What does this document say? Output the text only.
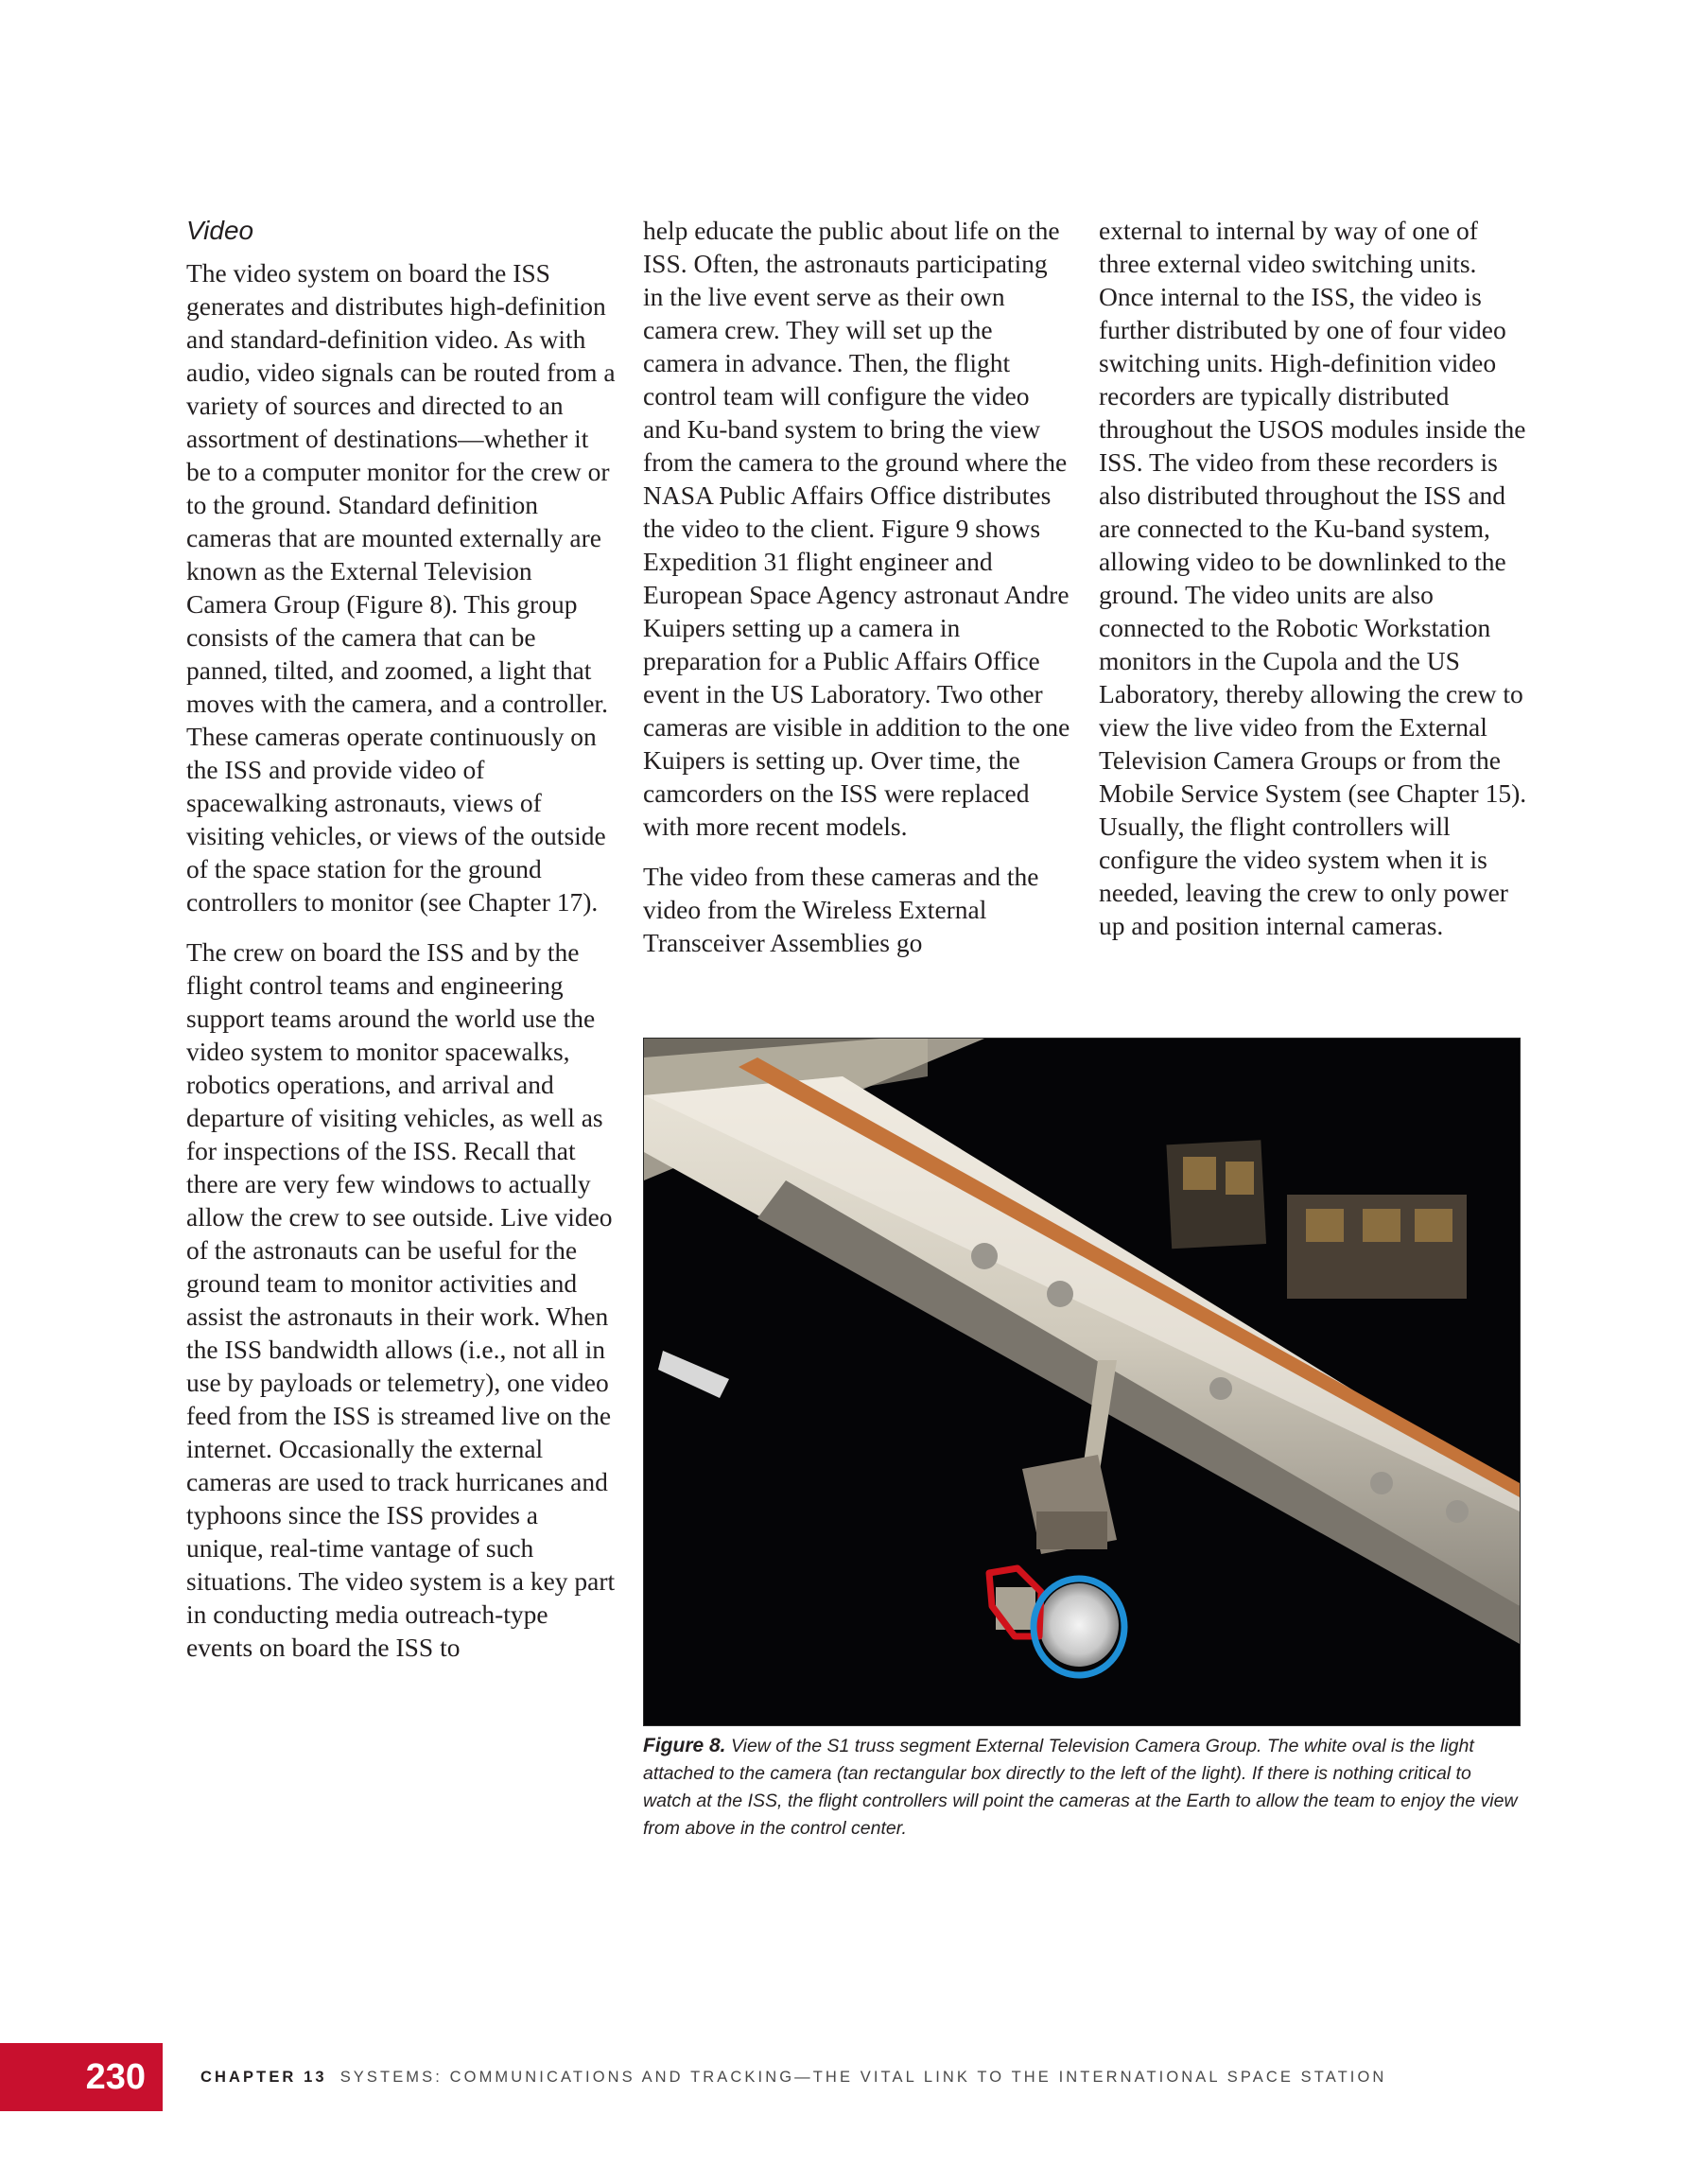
Video

The video system on board the ISS generates and distributes high-definition and standard-definition video. As with audio, video signals can be routed from a variety of sources and directed to an assortment of destinations—whether it be to a computer monitor for the crew or to the ground. Standard definition cameras that are mounted externally are known as the External Television Camera Group (Figure 8). This group consists of the camera that can be panned, tilted, and zoomed, a light that moves with the camera, and a controller. These cameras operate continuously on the ISS and provide video of spacewalking astronauts, views of visiting vehicles, or views of the outside of the space station for the ground controllers to monitor (see Chapter 17).

The crew on board the ISS and by the flight control teams and engineering support teams around the world use the video system to monitor spacewalks, robotics operations, and arrival and departure of visiting vehicles, as well as for inspections of the ISS. Recall that there are very few windows to actually allow the crew to see outside. Live video of the astronauts can be useful for the ground team to monitor activities and assist the astronauts in their work. When the ISS bandwidth allows (i.e., not all in use by payloads or telemetry), one video feed from the ISS is streamed live on the internet. Occasionally the external cameras are used to track hurricanes and typhoons since the ISS provides a unique, real-time vantage of such situations. The video system is a key part in conducting media outreach-type events on board the ISS to

help educate the public about life on the ISS. Often, the astronauts participating in the live event serve as their own camera crew. They will set up the camera in advance. Then, the flight control team will configure the video and Ku-band system to bring the view from the camera to the ground where the NASA Public Affairs Office distributes the video to the client. Figure 9 shows Expedition 31 flight engineer and European Space Agency astronaut Andre Kuipers setting up a camera in preparation for a Public Affairs Office event in the US Laboratory. Two other cameras are visible in addition to the one Kuipers is setting up. Over time, the camcorders on the ISS were replaced with more recent models.

The video from these cameras and the video from the Wireless External Transceiver Assemblies go

external to internal by way of one of three external video switching units. Once internal to the ISS, the video is further distributed by one of four video switching units. High-definition video recorders are typically distributed throughout the USOS modules inside the ISS. The video from these recorders is also distributed throughout the ISS and are connected to the Ku-band system, allowing video to be downlinked to the ground. The video units are also connected to the Robotic Workstation monitors in the Cupola and the US Laboratory, thereby allowing the crew to view the live video from the External Television Camera Groups or from the Mobile Service System (see Chapter 15). Usually, the flight controllers will configure the video system when it is needed, leaving the crew to only power up and position internal cameras.

Figure 8. View of the S1 truss segment External Television Camera Group. The white oval is the light attached to the camera (tan rectangular box directly to the left of the light). If there is nothing critical to watch at the ISS, the flight controllers will point the cameras at the Earth to allow the team to enjoy the view from above in the control center.
230	CHAPTER 13 SYSTEMS: COMMUNICATIONS AND TRACKING—THE VITAL LINK TO THE INTERNATIONAL SPACE STATION
